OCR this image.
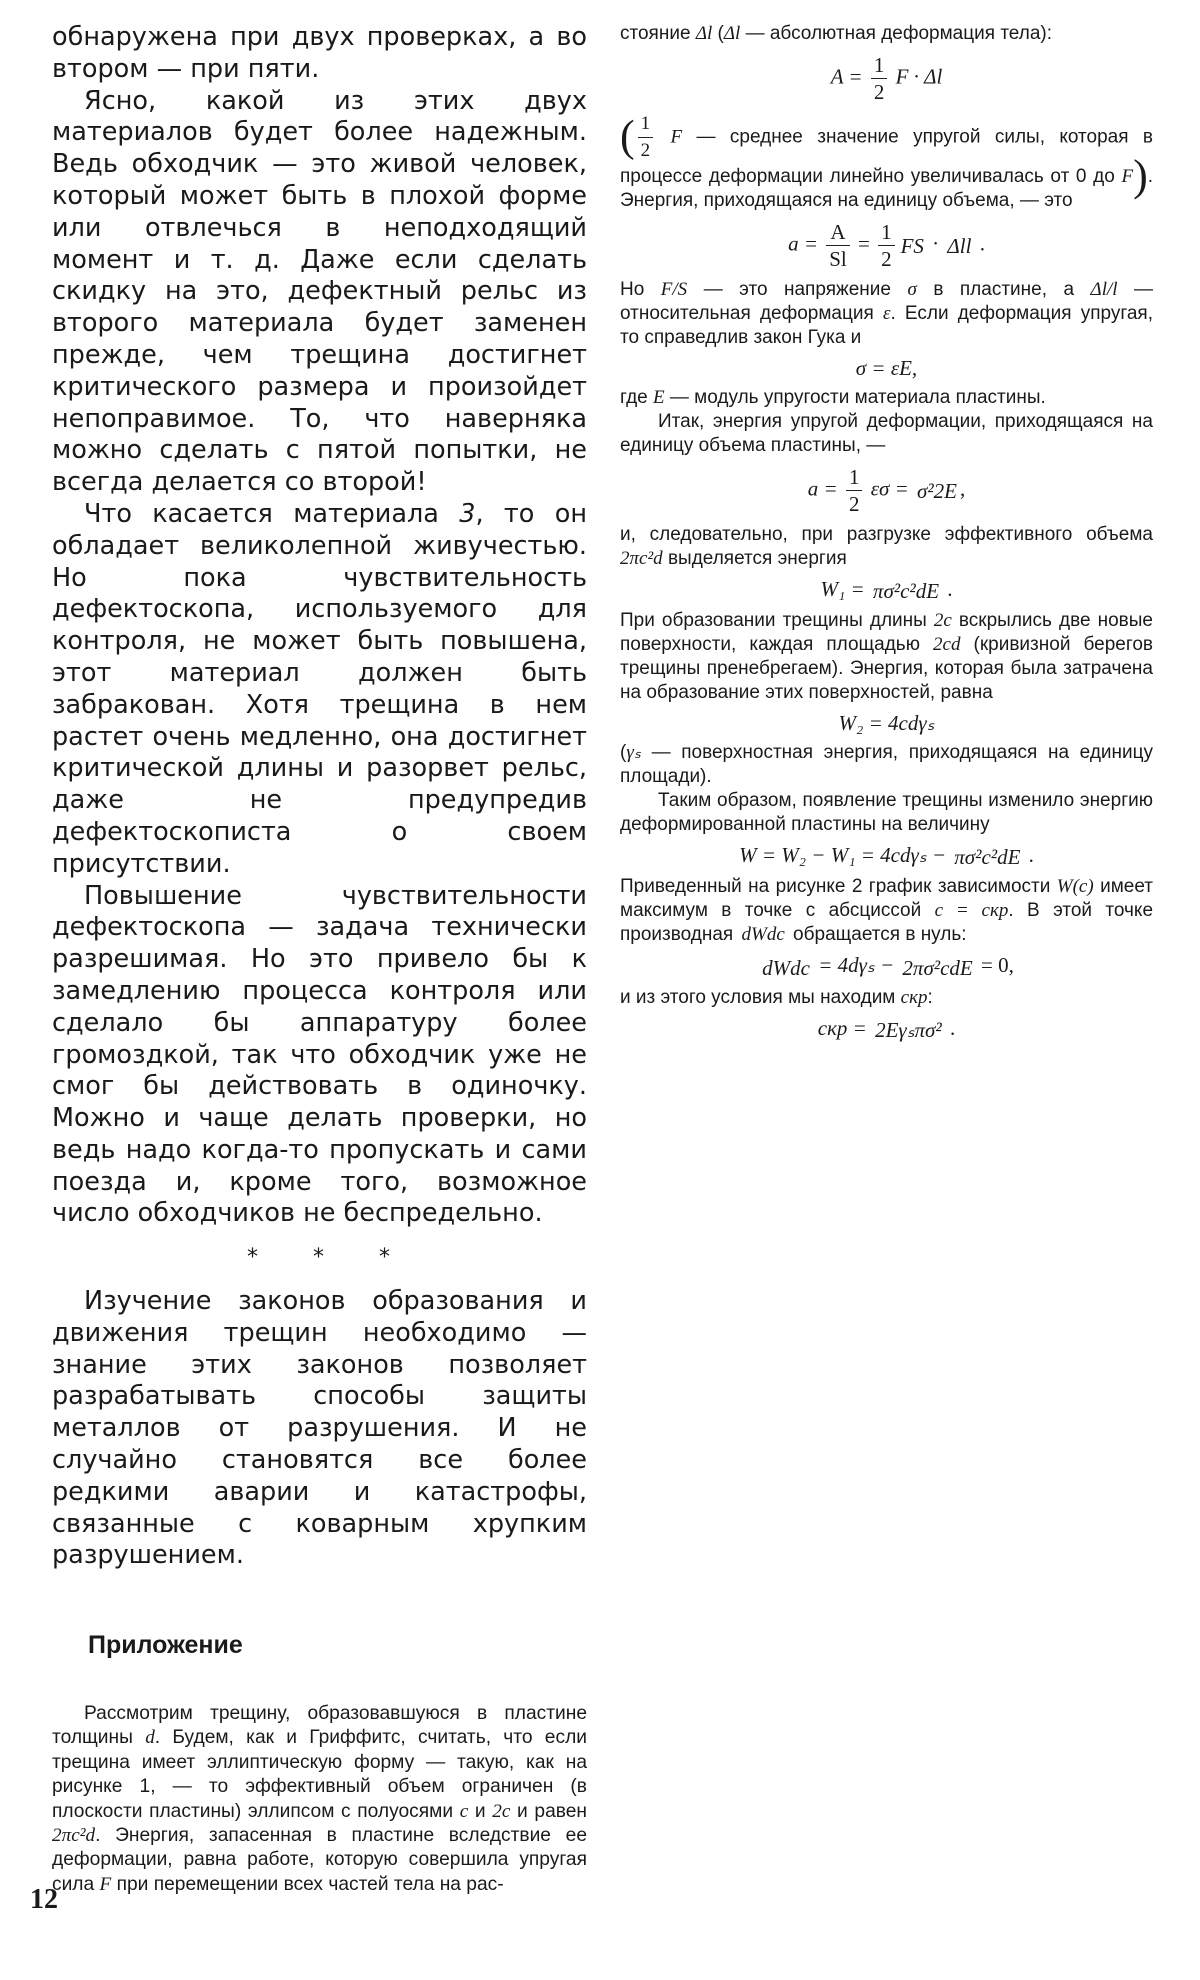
обнаружена при двух проверках, а во втором — при пяти.

Ясно, какой из этих двух материалов будет более надежным. Ведь обходчик — это живой человек, который может быть в плохой форме или отвлечься в неподходящий момент и т. д. Даже если сделать скидку на это, дефектный рельс из второго материала будет заменен прежде, чем трещина достигнет критического размера и произойдет непоправимое. То, что наверняка можно сделать с пятой попытки, не всегда делается со второй!

Что касается материала 3, то он обладает великолепной живучестью. Но пока чувствительность дефектоскопа, используемого для контроля, не может быть повышена, этот материал должен быть забракован. Хотя трещина в нем растет очень медленно, она достигнет критической длины и разорвет рельс, даже не предупредив дефектоскописта о своем присутствии.

Повышение чувствительности дефектоскопа — задача технически разрешимая. Но это привело бы к замедлению процесса контроля или сделало бы аппаратуру более громоздкой, так что обходчик уже не смог бы действовать в одиночку. Можно и чаще делать проверки, но ведь надо когда-то пропускать и сами поезда и, кроме того, возможное число обходчиков не беспредельно.

* * *

Изучение законов образования и движения трещин необходимо — знание этих законов позволяет разрабатывать способы защиты металлов от разрушения. И не случайно становятся все более редкими аварии и катастрофы, связанные с коварным хрупким разрушением.

Приложение

Рассмотрим трещину, образовавшуюся в пластине толщины d. Будем, как и Гриффитс, считать, что если трещина имеет эллиптическую форму — такую, как на рисунке 1, — то эффективный объем ограничен (в плоскости пластины) эллипсом с полуосями c и 2c и равен 2πc²d. Энергия, запасенная в пластине вследствие ее деформации, равна работе, которую совершила упругая сила F при перемещении всех частей тела на рас-

стояние Δl (Δl — абсолютная деформация тела):

$A = \frac{1}{2}$ F · Δl

( $\frac{1}{2}$ F — среднее значение упругой силы, которая в процессе деформации линейно увеличивалась от 0 до F). Энергия, приходящаяся на единицу объема, — это

$a = \frac{A}{Sl} = \frac{1}{2}$ FS · Δll .

Но F/S — это напряжение σ в пластине, а Δl/l — относительная деформация ε. Если деформация упругая, то справедлив закон Гука и

σ = εE,

где E — модуль упругости материала пластины.

Итак, энергия упругой деформации, приходящаяся на единицу объема пластины, —

$a = \frac{1}{2}$ εσ = σ²2E ,

и, следовательно, при разгрузке эффективного объема 2πc²d выделяется энергия

W₁ = πσ²c²dE .

При образовании трещины длины 2c вскрылись две новые поверхности, каждая площадью 2cd (кривизной берегов трещины пренебрегаем). Энергия, которая была затрачена на образование этих поверхностей, равна

W₂ = 4cdγₛ

(γₛ — поверхностная энергия, приходящаяся на единицу площади).

Таким образом, появление трещины изменило энергию деформированной пластины на величину

W = W₂ − W₁ = 4cdγₛ − πσ²c²dE .

Приведенный на рисунке 2 график зависимости W(c) имеет максимум в точке с абсциссой c = cкр. В этой точке производная dWdc обращается в нуль:

dWdc = 4dγₛ − 2πσ²cdE = 0,

и из этого условия мы находим cкр:

cкр = 2Eγₛπσ² .
12
